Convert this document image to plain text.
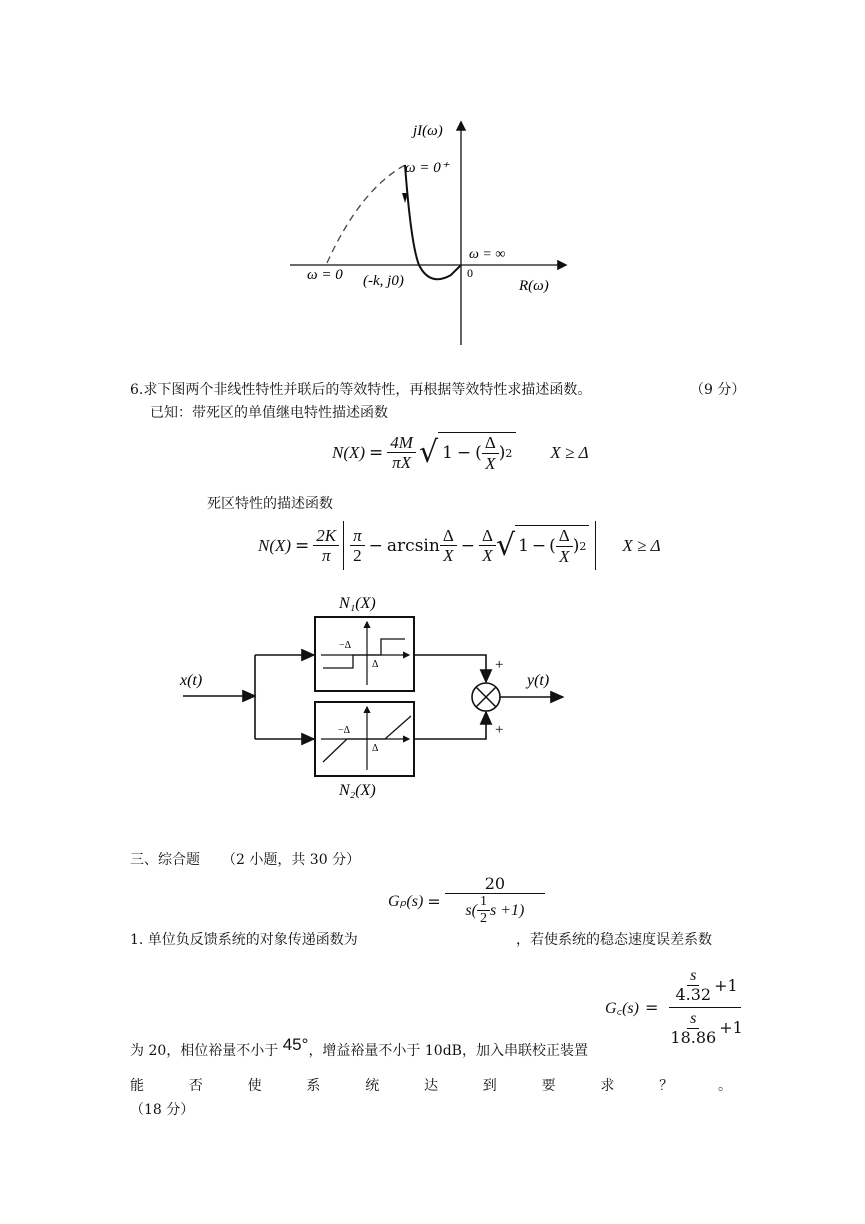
jI(ω)
ω = 0⁺
ω = ∞
0
ω = 0 (-k, j0)	R(ω)
6.求下图两个非线性特性并联后的等效特性，再根据等效特性求描述函数。	（9 分）
已知：带死区的单值继电特性描述函数
$N(X) = \frac{4M}{\pi X}$ √ 1 − ( $\frac{\Delta}{X}$ ) 2 X ≥ Δ
死区特性的描述函数
$N(X) = \frac{2K}{\pi} \frac{\pi}{2} - \arcsin \frac{\Delta}{X} - \frac{\Delta}{X}$ √ 1 − ( $\frac{\Delta}{X}$ ) 2 X ≥ Δ
N₁(X)
N₂(X)
x(t)	y(t)
−Δ
Δ
−Δ
Δ
+
+
三、综合题 （2 小题，共 30 分）
$G_p(s) = \frac{20}{s( \frac{1}{2} s +1)}$
1. 单位负反馈系统的对象传递函数为	，若使系统的稳态速度误差系数
G꜀(s) = $\frac{\frac{s}{4.32} +1}{\frac{s}{18.86} +1}$
为 20，相位裕量不小于 45°，增益裕量不小于 10dB，加入串联校正装置
能	否	使	系	统	达	到	要	求	？	。
（18 分）
